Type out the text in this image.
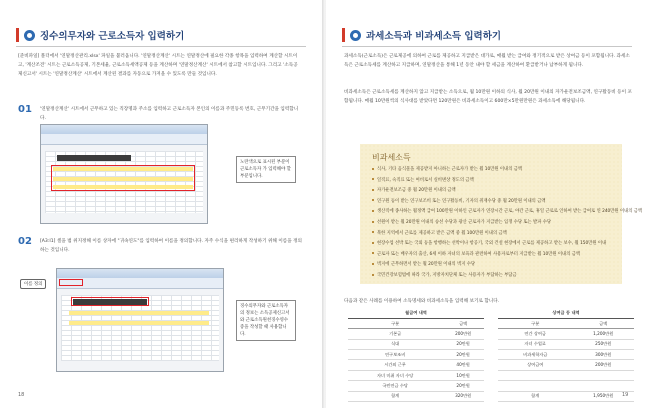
징수의무자와 근로소득자 입력하기
[준비파일] 폴더에서 '연말정산관리.xlsx' 파일을 불러옵니다. '연말정산계산' 시트는 연말정산에 필요한 각종 항목을 입력하여 계산할 시트이고, '계산조견' 시트는 근로소득공제, 기본세율, 근로소득세액공제 등을 계산하며 '연말정산계산' 시트에서 참고할 시트입니다. 그리고 '소득공제신고서' 시트는 '연말정산계산' 시트에서 계산된 결과를 자동으로 가져올 수 있도록 만들 것입니다.
01 '연말정산계산' 시트에서 근무하고 있는 직장명과 주소를 입력하고 근로소득자 본인의 이름과 주민등록 번호, 근무기간을 입력합니다.
노란색으로 표시된 부분이 근로소득자 가 입력해야 할 부분입니다.
02 [A3:I1] 셀을 범 위지정해 이름 상자에 "귀속연도"를 입력하여 이름을 정의합니다. 자주 수식을 편리하게 작성하기 위해 이름을 정의하는 것입니다.
이름 정의
징수의무자와 근로소득자의 정보는 소득공제신고서와 근로소득원천징수영수증을 작성할 때 사용합니다.
18
과세소득과 비과세소득 입력하기
과세소득(근로소득)은 근로제공에 의하여 근로를 제공하고 지급받은 대가로, 매월 받는 급여와 정기적으로 받은 상여금 등이 포함됩니다. 과세소득은 근로소득세를 계산하고 지급하며, 연말정산을 통해 1년 동안 내야 할 세금을 계산하여 환급받거나 납부하게 됩니다.
비과세소득은 근로소득세를 계산하지 않고 지급받는 소득으로, 월 10만원 이하의 식사, 월 20만원 이내의 자가운전보조금액, 연구활동비 등이 포함됩니다. 매월 10만원씩의 식사대를 받았다면 120만원은 비과세소득이고 600만×5만원만원은 과세소득에 해당됩니다.
19
비과세소득
식사, 기타 음식물을 제공받지 아니하는 근로자가 받는 월 10만원 이내의 금액
일직료, 숙직료 또는 여비로서 실비변상 정도의 금액
자가운전보조금 중 월 20만원 이내의 금액
연구원 등이 받는 연구보조비 또는 연구활동비, 기자의 취재수당 중 월 20만원 이내의 금액
생산직에 종사하는 월정액 급여 100만원 이하인 근로자가 연장시간 근로, 야간 근로, 휴일 근로로 인하여 받는 급여로 연 240만원 이내의 금액
선원이 받는 월 20만원 이내의 승선 수당과 광산 근로자가 지급받는 입갱 수당 또는 발파 수당
북한 지역에서 근로를 제공하고 받은 금액 중 월 100만원 이내의 금액
현장수업 선박 또는 국외 등을 항행하는 선박이나 항공기, 국외 건설 현장에서 근로를 제공하고 받는 보수, 월 150만원 이내
근로자 또는 배우자의 출산, 6세 이하 자녀의 보육과 관련하여 사용자로부터 지급받는 월 10만원 이내의 금액
벽지에 근무하면서 받는 월 20만원 이내의 벽지 수당
국민건강보험법에 따라 국가, 지방자치단체 또는 사용자가 부담하는 부담금
다음과 같은 사례를 이용하여 소득명세와 비과세소득을 입력해 보기로 합니다.
월급여 내역	
구분	금액
기본급	200만원
식대	20만원
연구보조비	20만원
시간외 근무	40만원
자녀 미취 자녀 수당	10만원
국민연금 수당	20만원
합계	320만원
상여급 등 내역	
구분	금액
연간 상여금	1,200만원
자녀 수업료	250만원
비과세학자금	300만원
상여금여	200만원

합계	1,950만원
